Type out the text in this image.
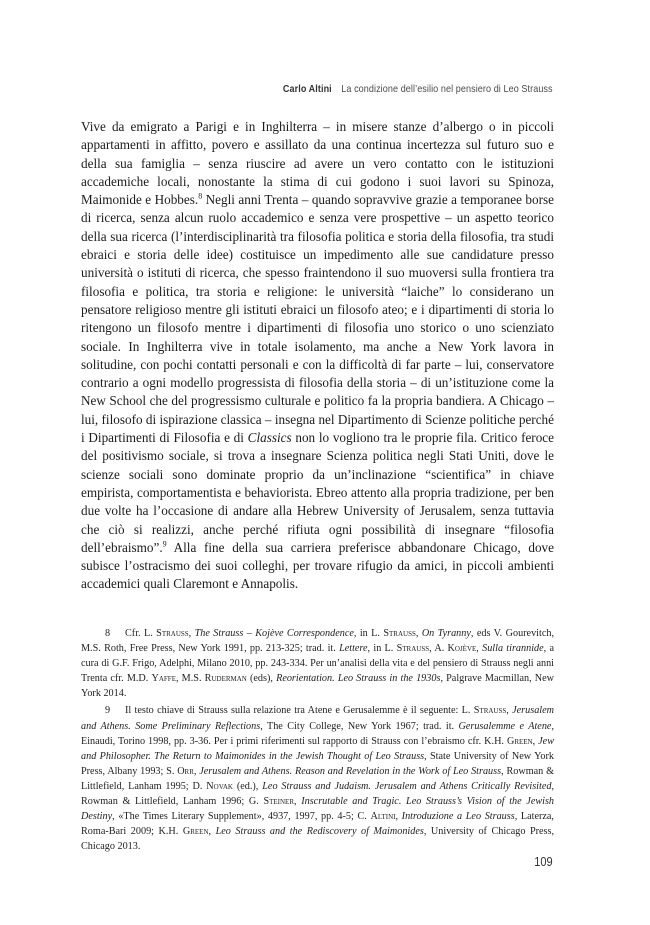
Carlo Altini La condizione dell’esilio nel pensiero di Leo Strauss

Vive da emigrato a Parigi e in Inghilterra – in misere stanze d’albergo o in piccoli appartamenti in affitto, povero e assillato da una continua incertezza sul futuro suo e della sua famiglia – senza riuscire ad avere un vero contatto con le istituzioni accademiche locali, nonostante la stima di cui godono i suoi lavori su Spinoza, Maimonide e Hobbes.$^8$ Negli anni Trenta – quando sopravvive grazie a temporanee borse di ricerca, senza alcun ruolo accademico e senza vere prospettive – un aspetto teorico della sua ricerca (l’interdisciplinarità tra filosofia politica e storia della filosofia, tra studi ebraici e storia delle idee) costituisce un impedimento alle sue candidature presso università o istituti di ricerca, che spesso fraintendono il suo muoversi sulla frontiera tra filosofia e politica, tra storia e religione: le università “laiche” lo considerano un pensatore religioso mentre gli istituti ebraici un filosofo ateo; e i dipartimenti di storia lo ritengono un filosofo mentre i dipartimenti di filosofia uno storico o uno scienziato sociale. In Inghilterra vive in totale isolamento, ma anche a New York lavora in solitudine, con pochi contatti personali e con la difficoltà di far parte – lui, conservatore contrario a ogni modello progressista di filosofia della storia – di un’istituzione come la New School che del progressismo culturale e politico fa la propria bandiera. A Chicago – lui, filosofo di ispirazione classica – insegna nel Dipartimento di Scienze politiche perché i Dipartimenti di Filosofia e di Classics non lo vogliono tra le proprie fila. Critico feroce del positivismo sociale, si trova a insegnare Scienza politica negli Stati Uniti, dove le scienze sociali sono dominate proprio da un’inclinazione “scientifica” in chiave empirista, comportamentista e behaviorista. Ebreo attento alla propria tradizione, per ben due volte ha l’occasione di andare alla Hebrew University of Jerusalem, senza tuttavia che ciò si realizzi, anche perché rifiuta ogni possibilità di insegnare “filosofia dell’ebraismo”.$^9$ Alla fine della sua carriera preferisce abbandonare Chicago, dove subisce l’ostracismo dei suoi colleghi, per trovare rifugio da amici, in piccoli ambienti accademici quali Claremont e Annapolis.

8 Cfr. L. Strauss, The Strauss – Kojève Correspondence, in L. Strauss, On Tyranny, eds V. Gourevitch, M.S. Roth, Free Press, New York 1991, pp. 213-325; trad. it. Lettere, in L. Strauss, A. Kojève, Sulla tirannide, a cura di G.F. Frigo, Adelphi, Milano 2010, pp. 243-334. Per un’analisi della vita e del pensiero di Strauss negli anni Trenta cfr. M.D. Yaffe, M.S. Ruderman (eds), Reorientation. Leo Strauss in the 1930s, Palgrave Macmillan, New York 2014.

9 Il testo chiave di Strauss sulla relazione tra Atene e Gerusalemme è il seguente: L. Strauss, Jerusalem and Athens. Some Preliminary Reflections, The City College, New York 1967; trad. it. Gerusalemme e Atene, Einaudi, Torino 1998, pp. 3-36. Per i primi riferimenti sul rapporto di Strauss con l’ebraismo cfr. K.H. Green, Jew and Philosopher. The Return to Maimonides in the Jewish Thought of Leo Strauss, State University of New York Press, Albany 1993; S. Orr, Jerusalem and Athens. Reason and Revelation in the Work of Leo Strauss, Rowman & Littlefield, Lanham 1995; D. Novak (ed.), Leo Strauss and Judaism. Jerusalem and Athens Critically Revisited, Rowman & Littlefield, Lanham 1996; G. Steiner, Inscrutable and Tragic. Leo Strauss’s Vision of the Jewish Destiny, «The Times Literary Supplement», 4937, 1997, pp. 4-5; C. Altini, Introduzione a Leo Strauss, Laterza, Roma-Bari 2009; K.H. Green, Leo Strauss and the Rediscovery of Maimonides, University of Chicago Press, Chicago 2013.

109
